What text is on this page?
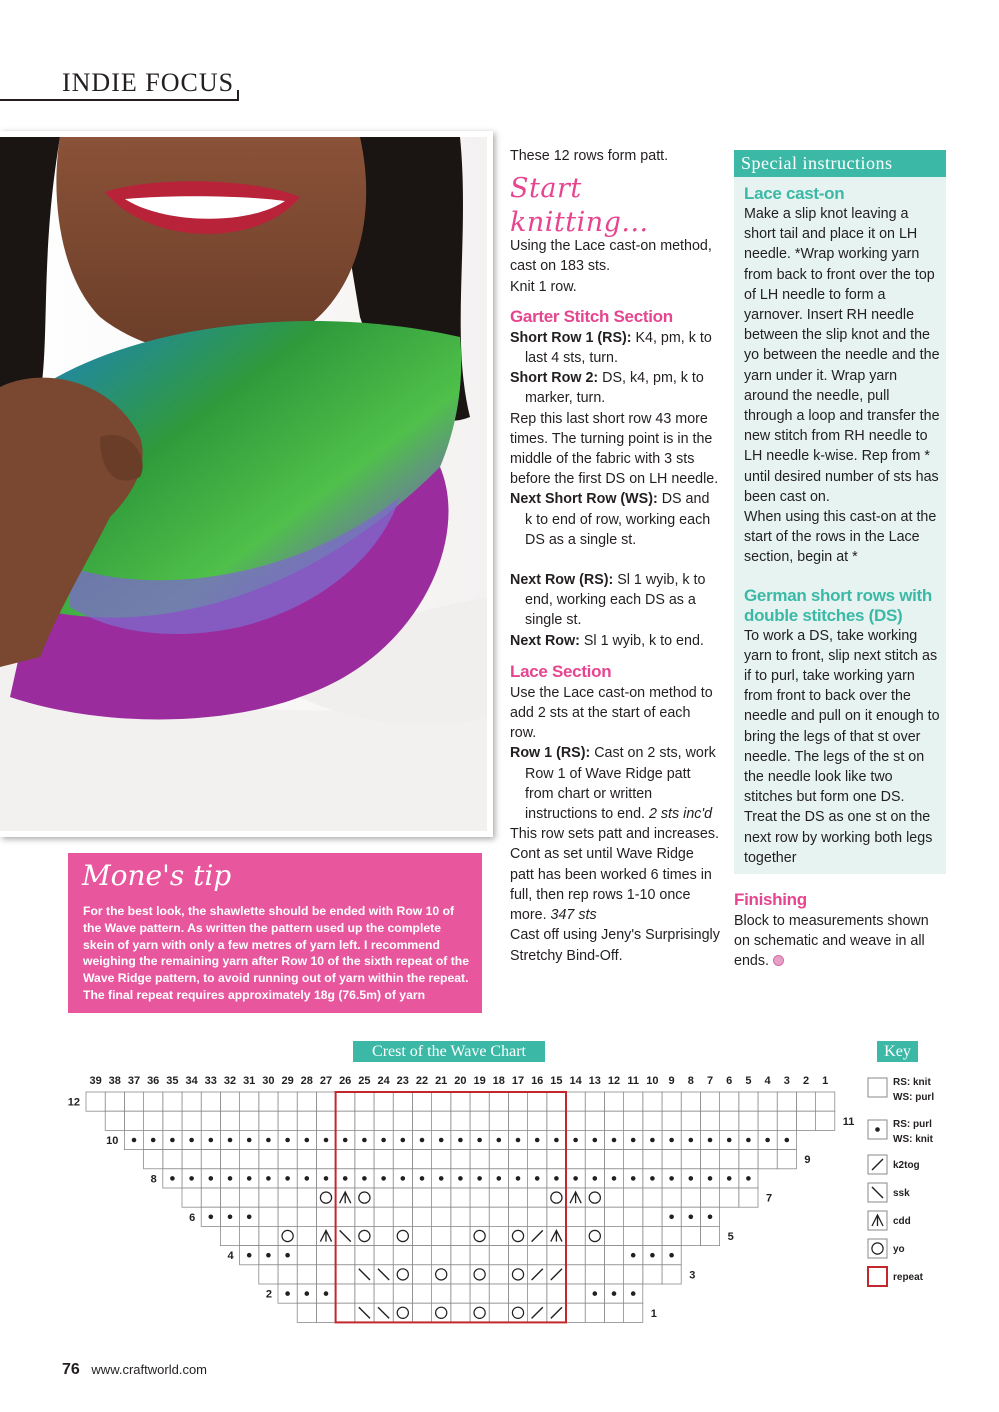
INDIE FOCUS

These 12 rows form patt.

Start knitting...

Using the Lace cast-on method, cast on 183 sts.

Knit 1 row.

Garter Stitch Section

Short Row 1 (RS): K4, pm, k to last 4 sts, turn.

Short Row 2: DS, k4, pm, k to marker, turn.

Rep this last short row 43 more times. The turning point is in the middle of the fabric with 3 sts before the first DS on LH needle.

Next Short Row (WS): DS and k to end of row, working each DS as a single st.

Next Row (RS): Sl 1 wyib, k to end, working each DS as a single st.

Next Row: Sl 1 wyib, k to end.

Lace Section

Use the Lace cast-on method to add 2 sts at the start of each row.

Row 1 (RS): Cast on 2 sts, work Row 1 of Wave Ridge patt from chart or written instructions to end. 2 sts inc'd

This row sets patt and increases.

Cont as set until Wave Ridge patt has been worked 6 times in full, then rep rows 1-10 once more. 347 sts

Cast off using Jeny's Surprisingly Stretchy Bind-Off.

Special instructions
Lace cast-on

Make a slip knot leaving a short tail and place it on LH needle. *Wrap working yarn from back to front over the top of LH needle to form a yarnover. Insert RH needle between the slip knot and the yo between the needle and the yarn under it. Wrap yarn around the needle, pull through a loop and transfer the new stitch from RH needle to LH needle k-wise. Rep from * until desired number of sts has been cast on.

When using this cast-on at the start of the rows in the Lace section, begin at *

German short rows with double stitches (DS)

To work a DS, take working yarn to front, slip next stitch as if to purl, take working yarn from front to back over the needle and pull on it enough to bring the legs of that st over needle. The legs of the st on the needle look like two stitches but form one DS. Treat the DS as one st on the next row by working both legs together

Finishing

Block to measurements shown on schematic and weave in all ends.

Mone's tip
For the best look, the shawlette should be ended with Row 10 of the Wave pattern. As written the pattern used up the complete skein of yarn with only a few metres of yarn left. I recommend weighing the remaining yarn after Row 10 of the sixth repeat of the Wave Ridge pattern, to avoid running out of yarn within the repeat. The final repeat requires approximately 18g (76.5m) of yarn
Crest of the Wave Chart	Key
39 38 37 36 35 34 33 32 31 30 29 28 27 26 25 24 23 22 21 20 19 18 17 16 15 14 13 12 11 10 9 8 7 6 5 4 3 2 1
12
11
10
9
8
7
6
5
4
3
2
1
RS: knit
WS: purl
RS: purl
WS: knit
k2tog
ssk
cdd
yo
repeat
76 www.craftworld.com
